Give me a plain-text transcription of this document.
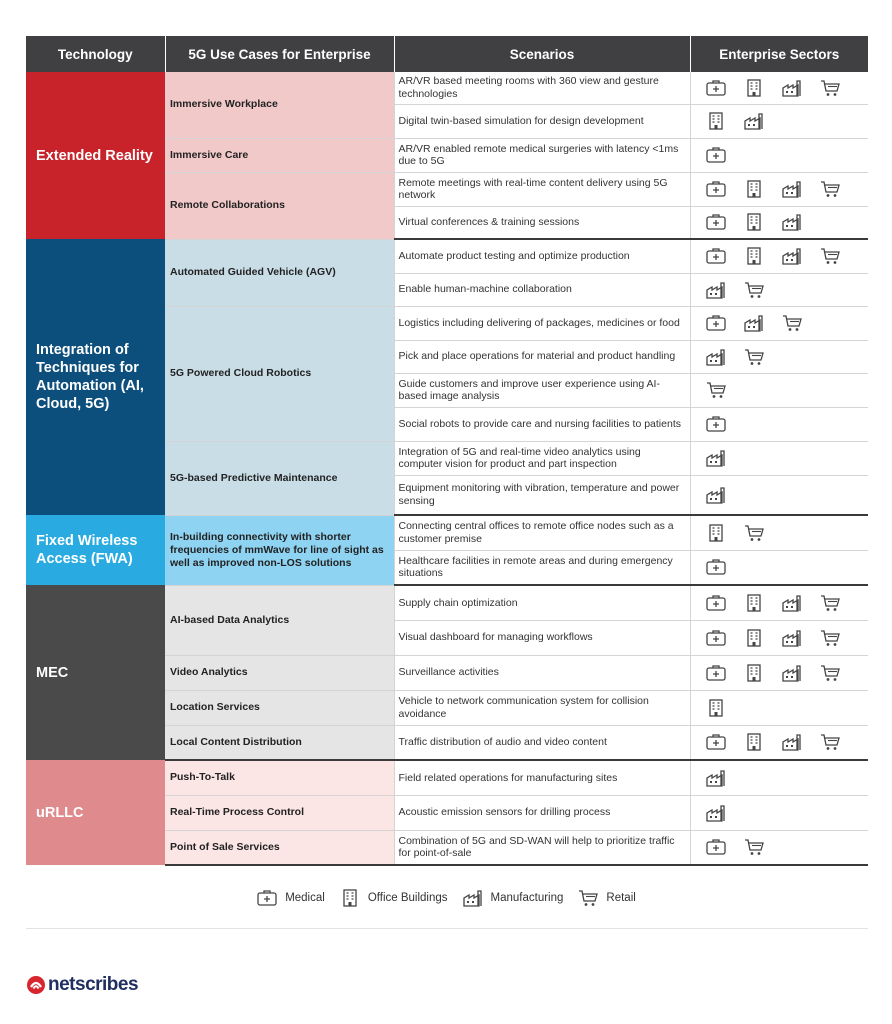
Technology	5G Use Cases for Enterprise	Scenarios	Enterprise Sectors
Extended Reality	Immersive Workplace	AR/VR based meeting rooms with 360 view and gesture technologies	

		Digital twin-based simulation for design development	

	Immersive Care	AR/VR enabled remote medical surgeries with latency <1ms due to 5G	

	Remote Collaborations	Remote meetings with real-time content delivery using 5G network	

		Virtual conferences & training sessions	

Integration of Techniques for Automation (AI, Cloud, 5G)	Automated Guided Vehicle (AGV)	Automate product testing and optimize production	

		Enable human-machine collaboration	

	5G Powered Cloud Robotics	Logistics including delivering of packages, medicines or food	

		Pick and place operations for material and product handling	

		Guide customers and improve user experience using AI-based image analysis	

		Social robots to provide care and nursing facilities to patients	

	5G-based Predictive Maintenance	Integration of 5G and real-time video analytics using computer vision for product and part inspection	

		Equipment monitoring with vibration, temperature and power sensing	

Fixed Wireless Access (FWA)	In-building connectivity with shorter frequencies of mmWave for line of sight as well as improved non-LOS solutions	Connecting central offices to remote office nodes such as a customer premise	

		Healthcare facilities in remote areas and during emergency situations	

MEC	AI-based Data Analytics	Supply chain optimization	

		Visual dashboard for managing workflows	

	Video Analytics	Surveillance activities	

	Location Services	Vehicle to network communication system for collision avoidance	

	Local Content Distribution	Traffic distribution of audio and video content	

uRLLC	Push-To-Talk	Field related operations for manufacturing sites	

	Real-Time Process Control	Acoustic emission sensors for drilling process	

	Point of Sale Services	Combination of 5G and SD-WAN will help to prioritize traffic for point-of-sale	
Medical	Office Buildings	Manufacturing	Retail
netscribes
